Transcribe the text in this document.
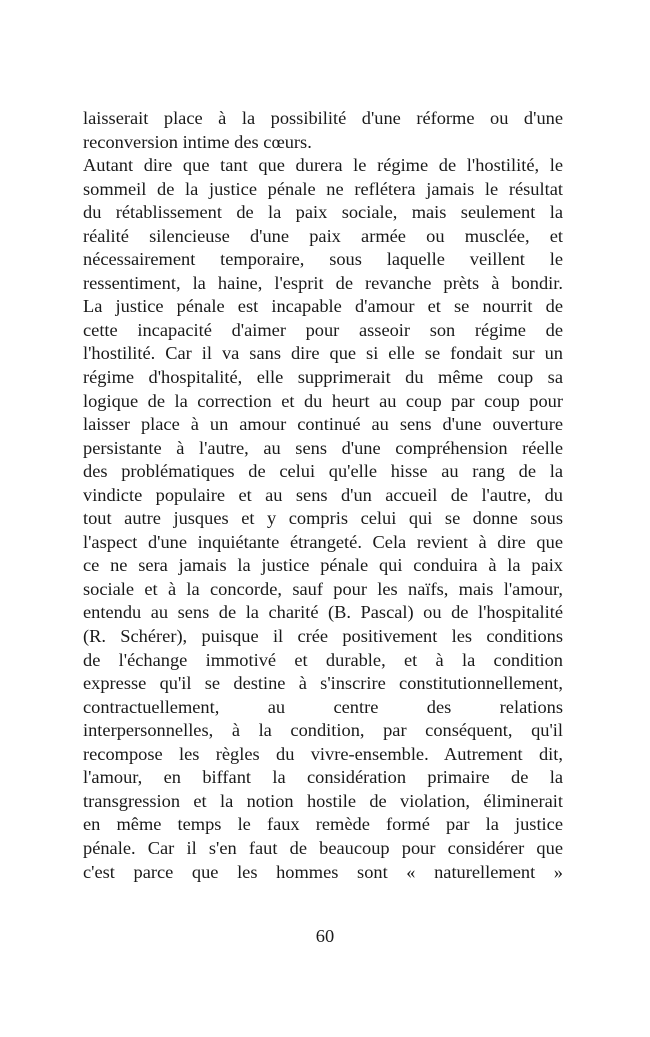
laisserait place à la possibilité d'une réforme ou d'une
reconversion intime des cœurs.
Autant dire que tant que durera le régime de l'hostilité, le
sommeil de la justice pénale ne reflétera jamais le résultat
du rétablissement de la paix sociale, mais seulement la
réalité silencieuse d'une paix armée ou musclée, et
nécessairement temporaire, sous laquelle veillent le
ressentiment, la haine, l'esprit de revanche prèts à bondir.
La justice pénale est incapable d'amour et se nourrit de
cette incapacité d'aimer pour asseoir son régime de
l'hostilité. Car il va sans dire que si elle se fondait sur un
régime d'hospitalité, elle supprimerait du même coup sa
logique de la correction et du heurt au coup par coup pour
laisser place à un amour continué au sens d'une ouverture
persistante à l'autre, au sens d'une compréhension réelle
des problématiques de celui qu'elle hisse au rang de la
vindicte populaire et au sens d'un accueil de l'autre, du
tout autre jusques et y compris celui qui se donne sous
l'aspect d'une inquiétante étrangeté. Cela revient à dire que
ce ne sera jamais la justice pénale qui conduira à la paix
sociale et à la concorde, sauf pour les naïfs, mais l'amour,
entendu au sens de la charité (B. Pascal) ou de l'hospitalité
(R. Schérer), puisque il crée positivement les conditions
de l'échange immotivé et durable, et à la condition
expresse qu'il se destine à s'inscrire constitutionnellement,
contractuellement, au centre des relations
interpersonnelles, à la condition, par conséquent, qu'il
recompose les règles du vivre-ensemble. Autrement dit,
l'amour, en biffant la considération primaire de la
transgression et la notion hostile de violation, éliminerait
en même temps le faux remède formé par la justice
pénale. Car il s'en faut de beaucoup pour considérer que
c'est parce que les hommes sont « naturellement »
60
